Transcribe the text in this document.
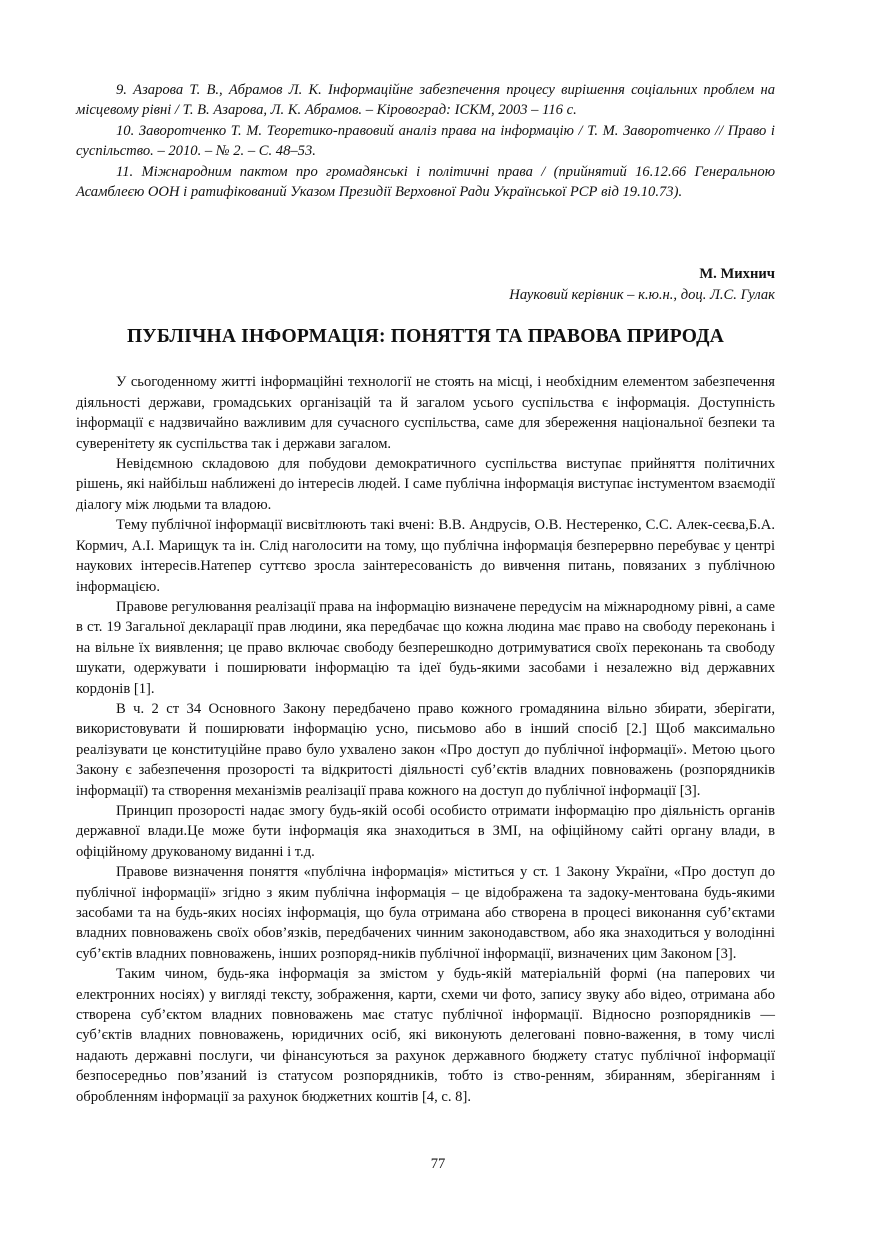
9. Азарова Т. В., Абрамов Л. К. Інформаційне забезпечення процесу вирішення соціальних проблем на місцевому рівні / Т. В. Азарова, Л. К. Абрамов. – Кіровоград: ІСКМ, 2003 – 116 с.

10. Заворотченко Т. М. Теоретико-правовий аналіз права на інформацію / Т. М. Заворотченко // Право і суспільство. – 2010. – № 2. – С. 48–53.

11. Міжнародним пактом про громадянські і політичні права / (прийнятий 16.12.66 Генеральною Асамблеєю ООН і ратифікований Указом Президії Верховної Ради Української РСР від 19.10.73).

М. Михнич
Науковий керівник – к.ю.н., доц. Л.С. Гулак
ПУБЛІЧНА ІНФОРМАЦІЯ: ПОНЯТТЯ ТА ПРАВОВА ПРИРОДА

У сьогоденному житті інформаційні технології не стоять на місці, і необхідним елементом забезпечення діяльності держави, громадських організацій та й загалом усього суспільства є інформація. Доступність інформації є надзвичайно важливим для сучасного суспільства, саме для збереження національної безпеки та суверенітету як суспільства так і держави загалом.

Невідємною складовою для побудови демократичного суспільства виступає прийняття політичних рішень, які найбільш наближені до інтересів людей. І саме публічна інформація виступає інстументом взаємодії діалогу між людьми та владою.

Тему публічної інформації висвітлюють такі вчені: В.В. Андрусів, О.В. Нестеренко, С.С. Алек-сеєва,Б.А. Кормич, А.І. Марищук та ін. Слід наголосити на тому, що публічна інформація безперервно перебуває у центрі наукових інтересів.Натепер суттєво зросла заінтересованість до вивчення питань, повязаних з публічною інформацією.

Правове регулювання реалізації права на інформацію визначене передусім на міжнародному рівні, а саме в ст. 19 Загальної декларації прав людини, яка передбачає що кожна людина має право на свободу переконань і на вільне їх виявлення; це право включає свободу безперешкодно дотримуватися своїх переконань та свободу шукати, одержувати і поширювати інформацію та ідеї будь-якими засобами і незалежно від державних кордонів [1].

В ч. 2 ст 34 Основного Закону передбачено право кожного громадянина вільно збирати, зберігати, використовувати й поширювати інформацію усно, письмово або в інший спосіб [2.] Щоб максимально реалізувати це конституційне право було ухвалено закон «Про доступ до публічної інформації». Метою цього Закону є забезпечення прозорості та відкритості діяльності суб’єктів владних повноважень (розпорядників інформації) та створення механізмів реалізації права кожного на доступ до публічної інформації [3].

Принцип прозорості надає змогу будь-якій особі особисто отримати інформацію про діяльність органів державної влади.Це може бути інформація яка знаходиться в ЗМІ, на офіційному сайті органу влади, в офіційному друкованому виданні і т.д.

Правове визначення поняття «публічна інформація» міститься у ст. 1 Закону України, «Про доступ до публічної інформації» згідно з яким публічна інформація – це відображена та задоку-ментована будь-якими засобами та на будь-яких носіях інформація, що була отримана або створена в процесі виконання суб’єктами владних повноважень своїх обов’язків, передбачених чинним законодавством, або яка знаходиться у володінні суб’єктів владних повноважень, інших розпоряд-ників публічної інформації, визначених цим Законом [3].

Таким чином, будь-яка інформація за змістом у будь-якій матеріальній формі (на паперових чи електронних носіях) у вигляді тексту, зображення, карти, схеми чи фото, запису звуку або відео, отримана або створена суб’єктом владних повноважень має статус публічної інформації. Відносно розпорядників — суб’єктів владних повноважень, юридичних осіб, які виконують делеговані повно-важення, в тому числі надають державні послуги, чи фінансуються за рахунок державного бюджету статус публічної інформації безпосередньо пов’язаний із статусом розпорядників, тобто із ство-ренням, збиранням, зберіганням і обробленням інформації за рахунок бюджетних коштів [4, с. 8].

77
